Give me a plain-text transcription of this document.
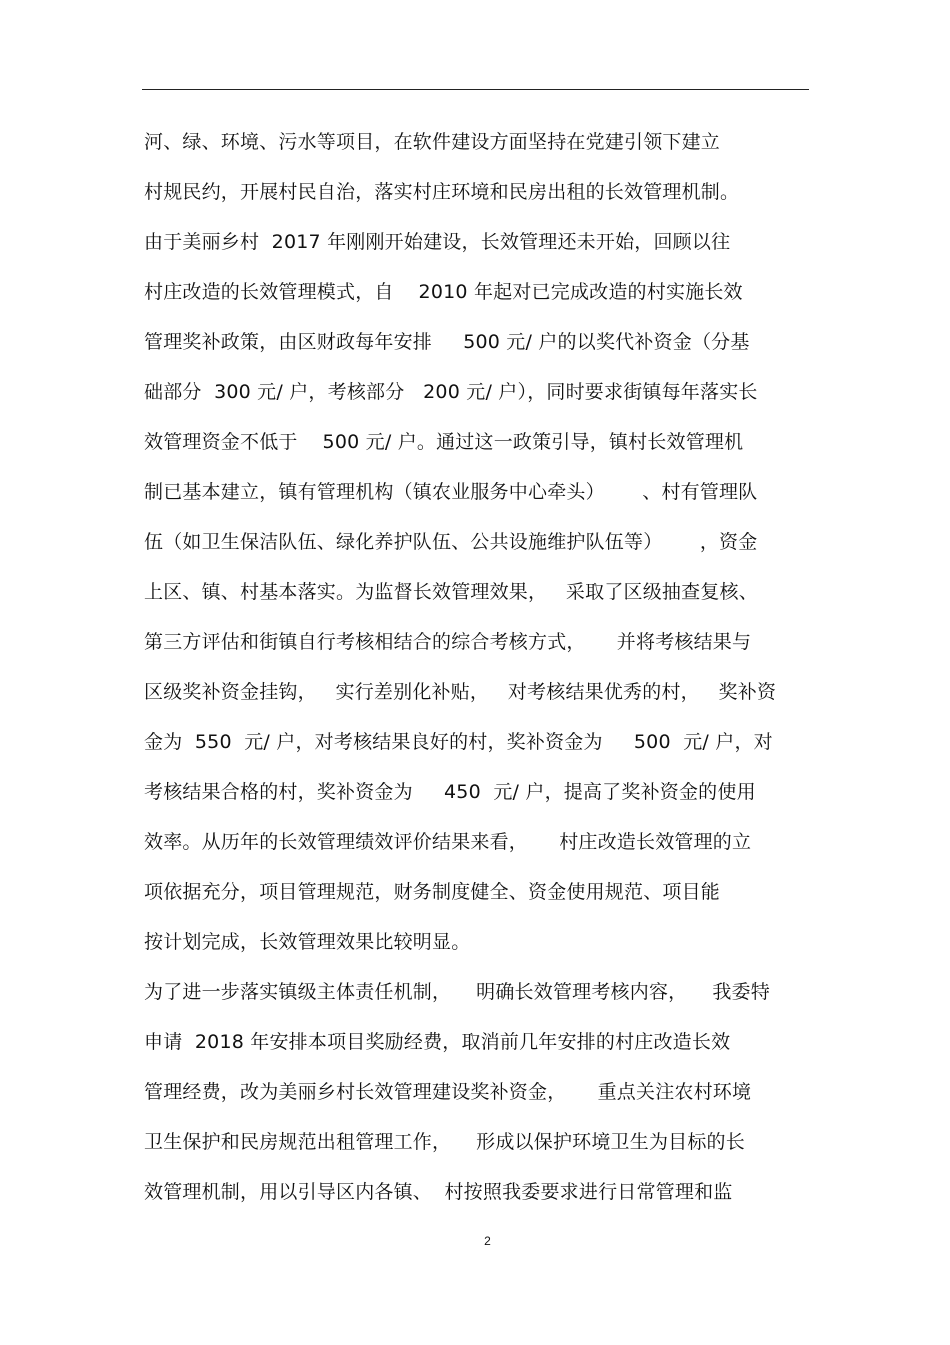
河、绿、环境、污水等项目，在软件建设方面坚持在党建引领下建立
村规民约，开展村民自治，落实村庄环境和民房出租的长效管理机制。
由于美丽乡村  2017 年刚刚开始建设，长效管理还未开始，回顾以往
村庄改造的长效管理模式，自    2010 年起对已完成改造的村实施长效
管理奖补政策，由区财政每年安排     500 元/ 户的以奖代补资金（分基
础部分  300 元/ 户，考核部分   200 元/ 户），同时要求街镇每年落实长
效管理资金不低于    500 元/ 户。通过这一政策引导，镇村长效管理机
制已基本建立，镇有管理机构（镇农业服务中心牵头）      、村有管理队
伍（如卫生保洁队伍、绿化养护队伍、公共设施维护队伍等）      ，资金
上区、镇、村基本落实。为监督长效管理效果，   采取了区级抽查复核、
第三方评估和街镇自行考核相结合的综合考核方式，     并将考核结果与
区级奖补资金挂钩，   实行差别化补贴，   对考核结果优秀的村，   奖补资
金为  550  元/ 户，对考核结果良好的村，奖补资金为     500  元/ 户，对
考核结果合格的村，奖补资金为     450  元/ 户，提高了奖补资金的使用
效率。从历年的长效管理绩效评价结果来看，     村庄改造长效管理的立
项依据充分，项目管理规范，财务制度健全、资金使用规范、项目能
按计划完成，长效管理效果比较明显。
为了进一步落实镇级主体责任机制，    明确长效管理考核内容，    我委特
申请  2018 年安排本项目奖励经费，取消前几年安排的村庄改造长效
管理经费，改为美丽乡村长效管理建设奖补资金，     重点关注农村环境
卫生保护和民房规范出租管理工作，    形成以保护环境卫生为目标的长
效管理机制，用以引导区内各镇、  村按照我委要求进行日常管理和监
2
